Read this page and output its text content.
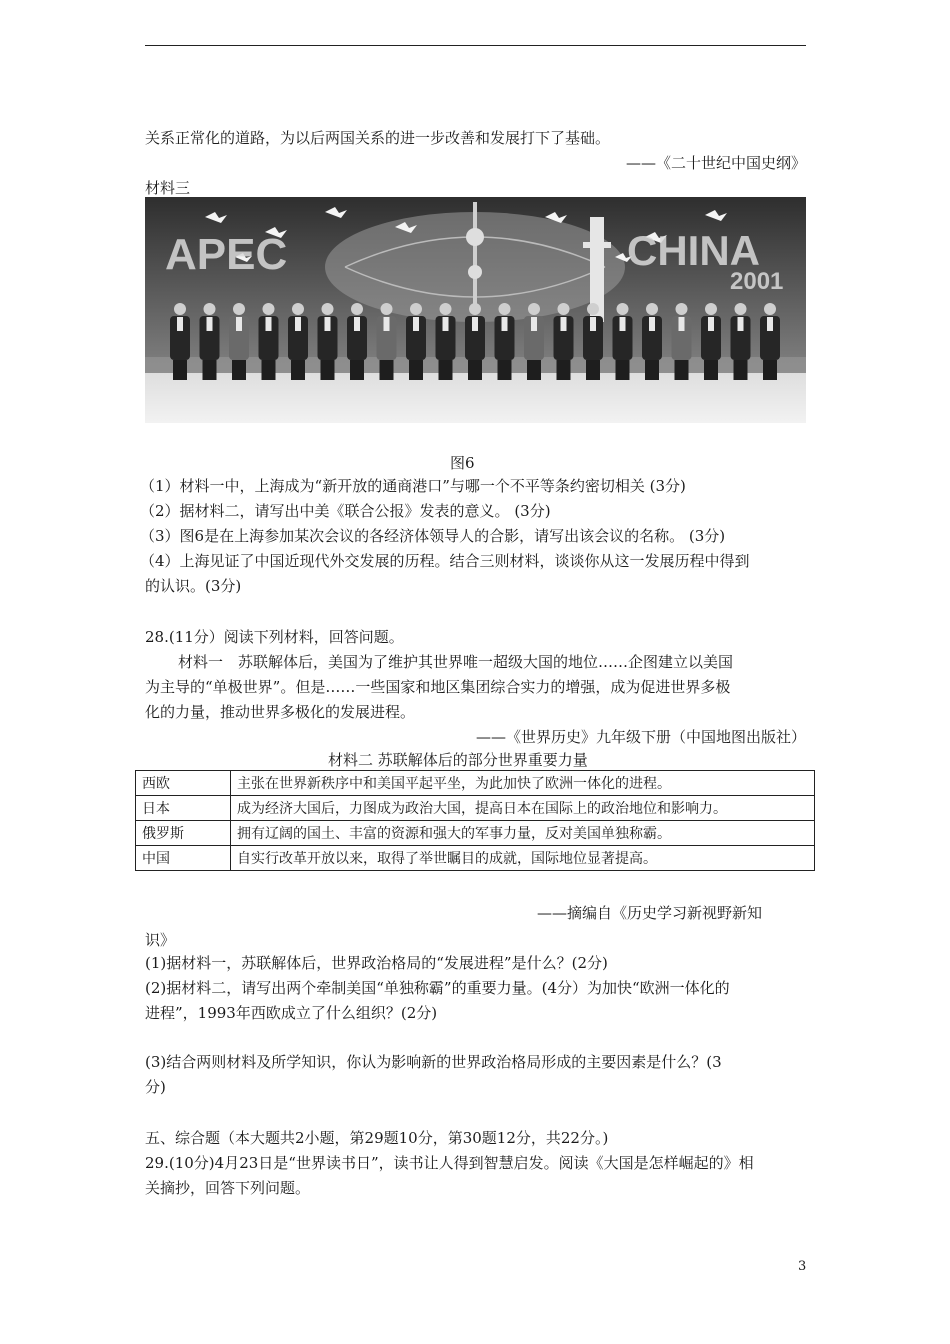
关系正常化的道路，为以后两国关系的进一步改善和发展打下了基础。
——《二十世纪中国史纲》
材料三
APEC	CHINA
2001
图6
（1）材料一中，上海成为“新开放的通商港口”与哪一个不平等条约密切相关 (3分)
（2）据材料二，请写出中美《联合公报》发表的意义。 (3分)
（3）图6是在上海参加某次会议的各经济体领导人的合影，请写出该会议的名称。 (3分)
（4）上海见证了中国近现代外交发展的历程。结合三则材料，谈谈你从这一发展历程中得到
的认识。(3分)
28.(11分）阅读下列材料，回答问题。
材料一　苏联解体后，美国为了维护其世界唯一超级大国的地位……企图建立以美国
为主导的“单极世界”。但是……一些国家和地区集团综合实力的增强，成为促进世界多极
化的力量，推动世界多极化的发展进程。
——《世界历史》九年级下册（中国地图出版社）
材料二 苏联解体后的部分世界重要力量
西欧	主张在世界新秩序中和美国平起平坐，为此加快了欧洲一体化的进程。
日本	成为经济大国后，力图成为政治大国，提高日本在国际上的政治地位和影响力。
俄罗斯	拥有辽阔的国土、丰富的资源和强大的军事力量，反对美国单独称霸。
中国	自实行改革开放以来，取得了举世瞩目的成就，国际地位显著提高。
——摘编自《历史学习新视野新知
识》
(1)据材料一，苏联解体后，世界政治格局的“发展进程”是什么？(2分)
(2)据材料二，请写出两个牵制美国“单独称霸”的重要力量。(4分）为加快“欧洲一体化的
进程”，1993年西欧成立了什么组织？(2分)
(3)结合两则材料及所学知识，你认为影响新的世界政治格局形成的主要因素是什么？(3
分)
五、综合题（本大题共2小题，第29题10分，第30题12分，共22分。)
29.(10分)4月23日是“世界读书日”，读书让人得到智慧启发。阅读《大国是怎样崛起的》相
关摘抄，回答下列问题。
3
